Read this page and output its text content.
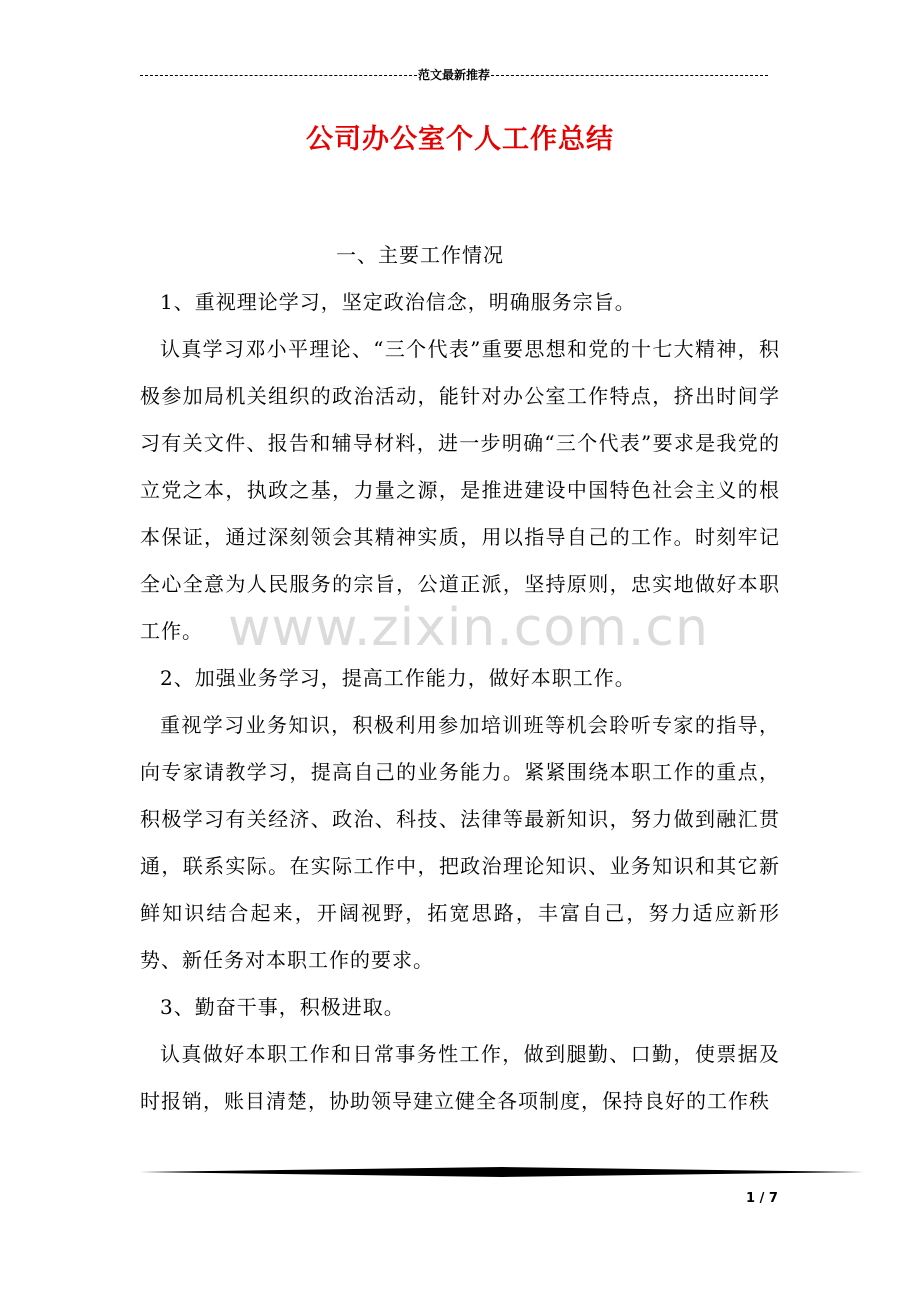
范文最新推荐
公司办公室个人工作总结

一、主要工作情况

1、重视理论学习，坚定政治信念，明确服务宗旨。

认真学习邓小平理论、“三个代表”重要思想和党的十七大精神，积极参加局机关组织的政治活动，能针对办公室工作特点，挤出时间学习有关文件、报告和辅导材料，进一步明确“三个代表”要求是我党的立党之本，执政之基，力量之源，是推进建设中国特色社会主义的根本保证，通过深刻领会其精神实质，用以指导自己的工作。时刻牢记全心全意为人民服务的宗旨，公道正派，坚持原则，忠实地做好本职工作。

2、加强业务学习，提高工作能力，做好本职工作。

重视学习业务知识，积极利用参加培训班等机会聆听专家的指导，向专家请教学习，提高自己的业务能力。紧紧围绕本职工作的重点，积极学习有关经济、政治、科技、法律等最新知识，努力做到融汇贯通，联系实际。在实际工作中，把政治理论知识、业务知识和其它新鲜知识结合起来，开阔视野，拓宽思路，丰富自己，努力适应新形势、新任务对本职工作的要求。

3、勤奋干事，积极进取。

认真做好本职工作和日常事务性工作，做到腿勤、口勤，使票据及时报销，账目清楚，协助领导建立健全各项制度，保持良好的工作秩

www.zixin.com.cn
1 / 7
